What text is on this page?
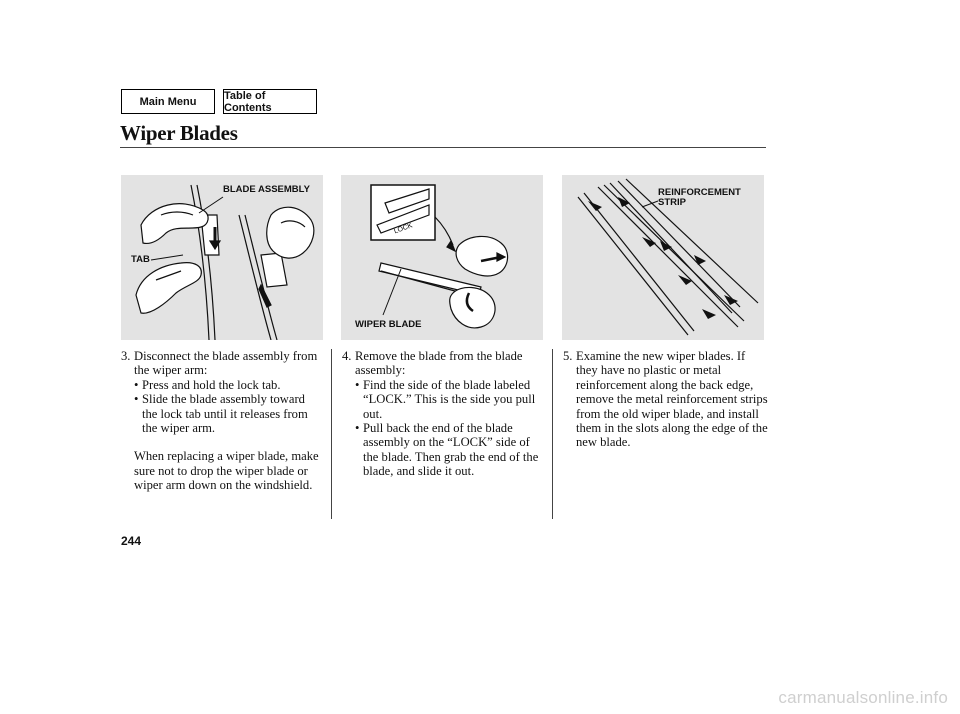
Main Menu	Table of Contents
Wiper Blades
BLADE ASSEMBLY
TAB
LOCK
WIPER BLADE
REINFORCEMENT
STRIP
3. Disconnect the blade assembly from the wiper arm:
• Press and hold the lock tab.
• Slide the blade assembly toward the lock tab until it releases from the wiper arm.
When replacing a wiper blade, make sure not to drop the wiper blade or wiper arm down on the windshield.
4. Remove the blade from the blade assembly:
• Find the side of the blade labeled “LOCK.” This is the side you pull out.
• Pull back the end of the blade assembly on the “LOCK” side of the blade. Then grab the end of the blade, and slide it out.
5. Examine the new wiper blades. If they have no plastic or metal reinforcement along the back edge, remove the metal reinforcement strips from the old wiper blade, and install them in the slots along the edge of the new blade.
244
carmanualsonline.info
